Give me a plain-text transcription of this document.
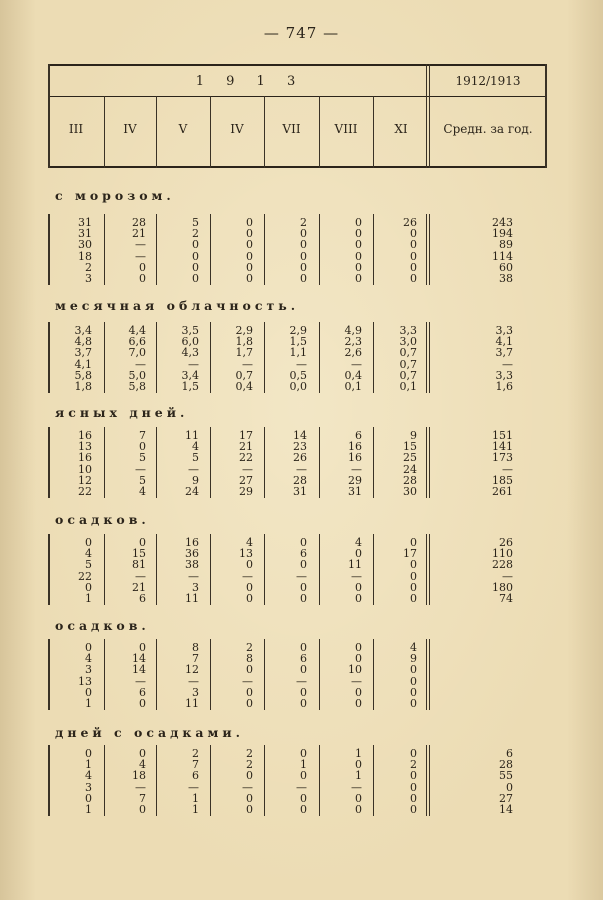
— 747 —
1 9 1 3	1912/1913
III	IV	V	IV	VII	VIII	XI	Средн. за год.
с морозом.
31	28	5	0	2	0	26	243
31	21	2	0	0	0	0	194
30	—	0	0	0	0	0	89
18	—	0	0	0	0	0	114
2	0	0	0	0	0	0	60
3	0	0	0	0	0	0	38
месячная облачность.
3,4	4,4	3,5	2,9	2,9	4,9	3,3	3,3
4,8	6,6	6,0	1,8	1,5	2,3	3,0	4,1
3,7	7,0	4,3	1,7	1,1	2,6	0,7	3,7
4,1	—	—	—	—	—	0,7	—
5,8	5,0	3,4	0,7	0,5	0,4	0,7	3,3
1,8	5,8	1,5	0,4	0,0	0,1	0,1	1,6
ясных дней.
16	7	11	17	14	6	9	151
13	0	4	21	23	16	15	141
16	5	5	22	26	16	25	173
10	—	—	—	—	—	24	—
12	5	9	27	28	29	28	185
22	4	24	29	31	31	30	261
осадков.
0	0	16	4	0	4	0	26
4	15	36	13	6	0	17	110
5	81	38	0	0	11	0	228
22	—	—	—	—	—	0	—
0	21	3	0	0	0	0	180
1	6	11	0	0	0	0	74
осадков.
0	0	8	2	0	0	4
4	14	7	8	6	0	9
3	14	12	0	0	10	0
13	—	—	—	—	—	0
0	6	3	0	0	0	0
1	0	11	0	0	0	0
дней с осадками.
0	0	2	2	0	1	0	6
1	4	7	2	1	0	2	28
4	18	6	0	0	1	0	55
3	—	—	—	—	—	0	0
0	7	1	0	0	0	0	27
1	0	1	0	0	0	0	14
